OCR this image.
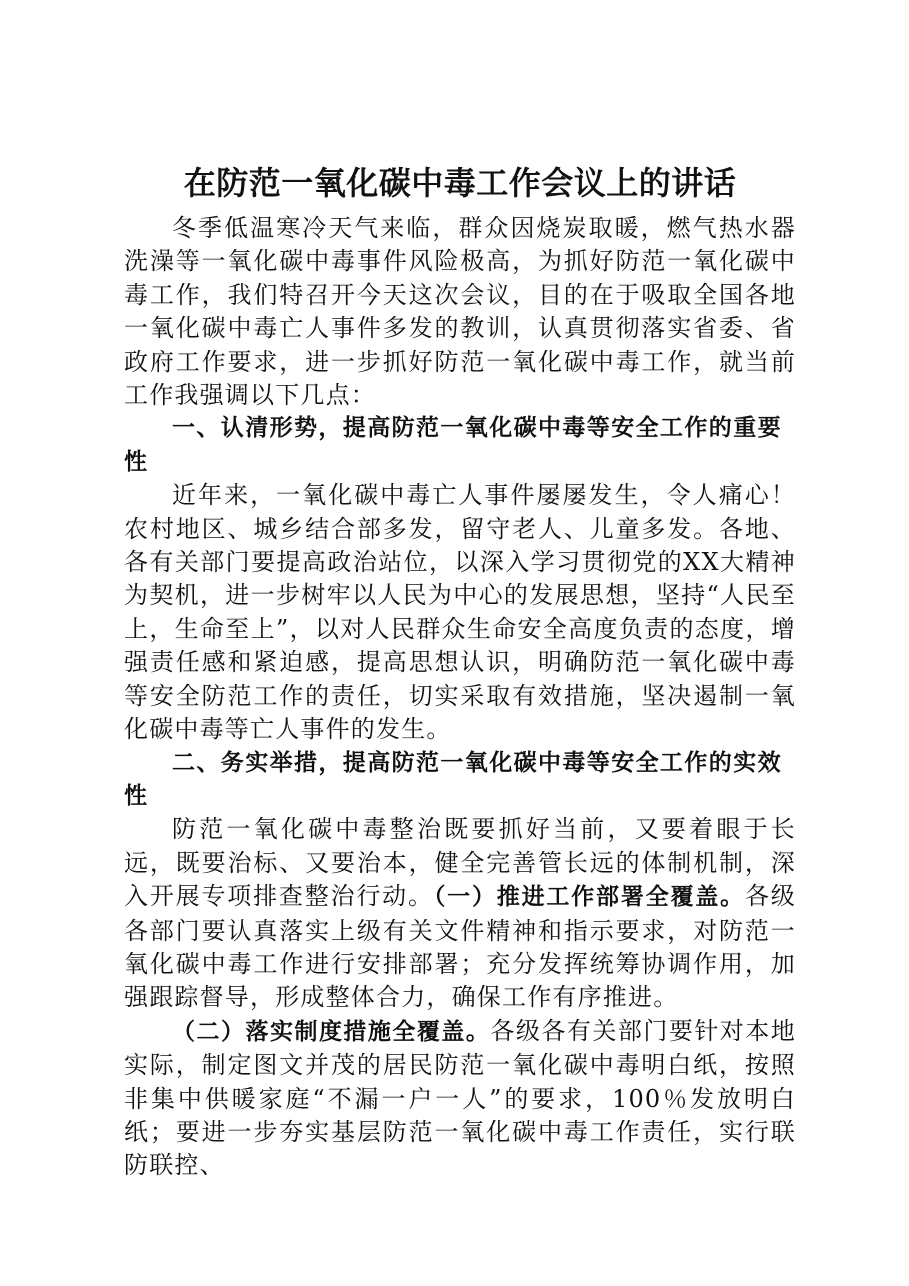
在防范一氧化碳中毒工作会议上的讲话

冬季低温寒冷天气来临，群众因烧炭取暖，燃气热水器洗澡等一氧化碳中毒事件风险极高，为抓好防范一氧化碳中毒工作，我们特召开今天这次会议，目的在于吸取全国各地一氧化碳中毒亡人事件多发的教训，认真贯彻落实省委、省政府工作要求，进一步抓好防范一氧化碳中毒工作，就当前工作我强调以下几点：

一、认清形势，提高防范一氧化碳中毒等安全工作的重要性

近年来，一氧化碳中毒亡人事件屡屡发生，令人痛心！农村地区、城乡结合部多发，留守老人、儿童多发。各地、各有关部门要提高政治站位，以深入学习贯彻党的XX大精神为契机，进一步树牢以人民为中心的发展思想，坚持“人民至上，生命至上”，以对人民群众生命安全高度负责的态度，增强责任感和紧迫感，提高思想认识，明确防范一氧化碳中毒等安全防范工作的责任，切实采取有效措施，坚决遏制一氧化碳中毒等亡人事件的发生。

二、务实举措，提高防范一氧化碳中毒等安全工作的实效性

防范一氧化碳中毒整治既要抓好当前，又要着眼于长远，既要治标、又要治本，健全完善管长远的体制机制，深入开展专项排查整治行动。（一）推进工作部署全覆盖。各级各部门要认真落实上级有关文件精神和指示要求，对防范一氧化碳中毒工作进行安排部署；充分发挥统筹协调作用，加强跟踪督导，形成整体合力，确保工作有序推进。

（二）落实制度措施全覆盖。各级各有关部门要针对本地实际，制定图文并茂的居民防范一氧化碳中毒明白纸，按照非集中供暖家庭“不漏一户一人”的要求，100％发放明白纸；要进一步夯实基层防范一氧化碳中毒工作责任，实行联防联控、
